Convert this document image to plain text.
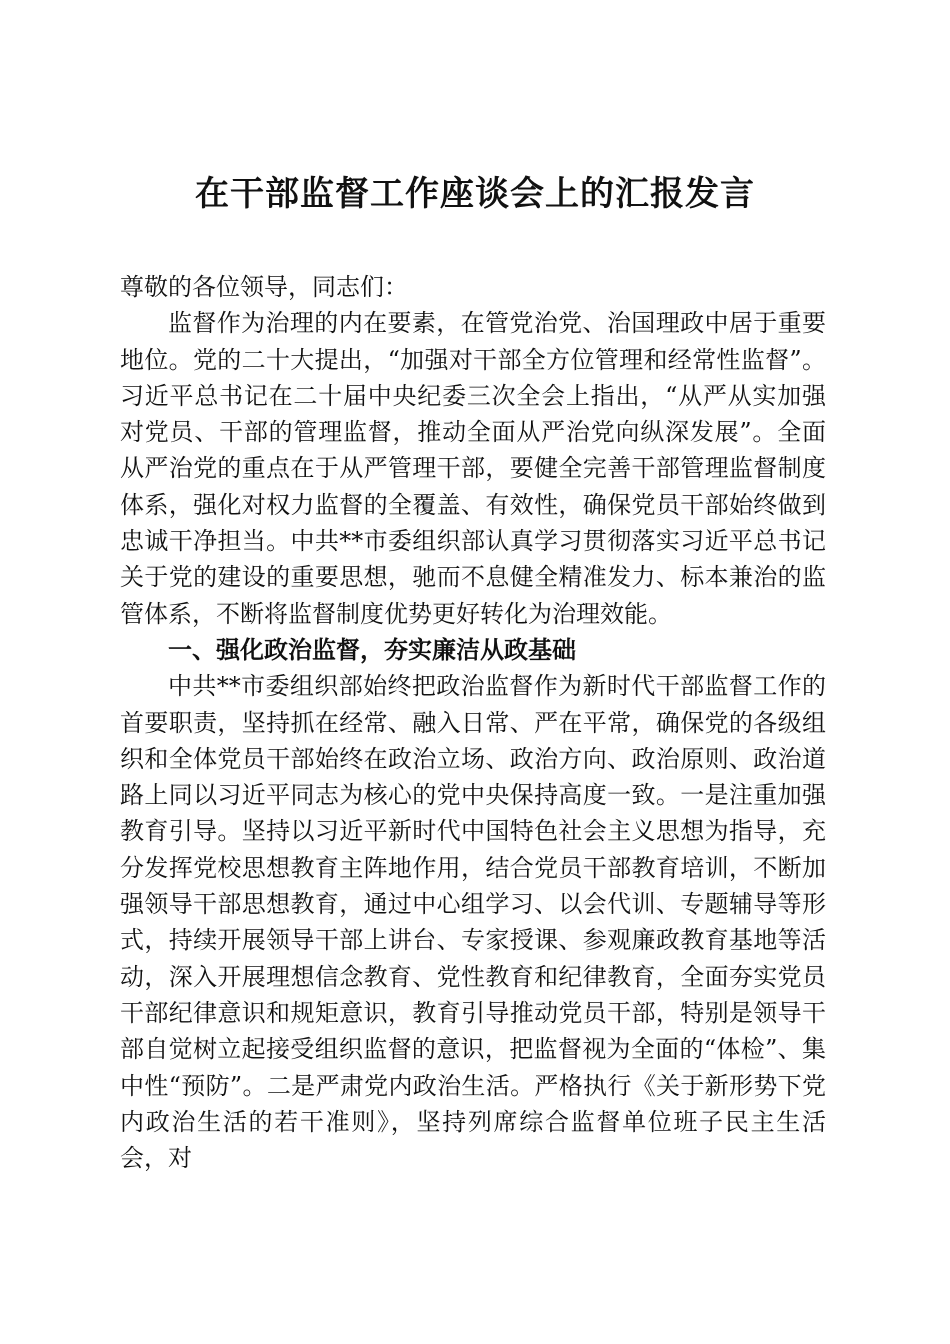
在干部监督工作座谈会上的汇报发言

尊敬的各位领导，同志们：

监督作为治理的内在要素，在管党治党、治国理政中居于重要地位。党的二十大提出，“加强对干部全方位管理和经常性监督”。习近平总书记在二十届中央纪委三次全会上指出，“从严从实加强对党员、干部的管理监督，推动全面从严治党向纵深发展”。全面从严治党的重点在于从严管理干部，要健全完善干部管理监督制度体系，强化对权力监督的全覆盖、有效性，确保党员干部始终做到忠诚干净担当。中共**市委组织部认真学习贯彻落实习近平总书记关于党的建设的重要思想，驰而不息健全精准发力、标本兼治的监管体系，不断将监督制度优势更好转化为治理效能。

一、强化政治监督，夯实廉洁从政基础

中共**市委组织部始终把政治监督作为新时代干部监督工作的首要职责，坚持抓在经常、融入日常、严在平常，确保党的各级组织和全体党员干部始终在政治立场、政治方向、政治原则、政治道路上同以习近平同志为核心的党中央保持高度一致。一是注重加强教育引导。坚持以习近平新时代中国特色社会主义思想为指导，充分发挥党校思想教育主阵地作用，结合党员干部教育培训，不断加强领导干部思想教育，通过中心组学习、以会代训、专题辅导等形式，持续开展领导干部上讲台、专家授课、参观廉政教育基地等活动，深入开展理想信念教育、党性教育和纪律教育，全面夯实党员干部纪律意识和规矩意识，教育引导推动党员干部，特别是领导干部自觉树立起接受组织监督的意识，把监督视为全面的“体检”、集中性“预防”。二是严肃党内政治生活。严格执行《关于新形势下党内政治生活的若干准则》，坚持列席综合监督单位班子民主生活会，对
